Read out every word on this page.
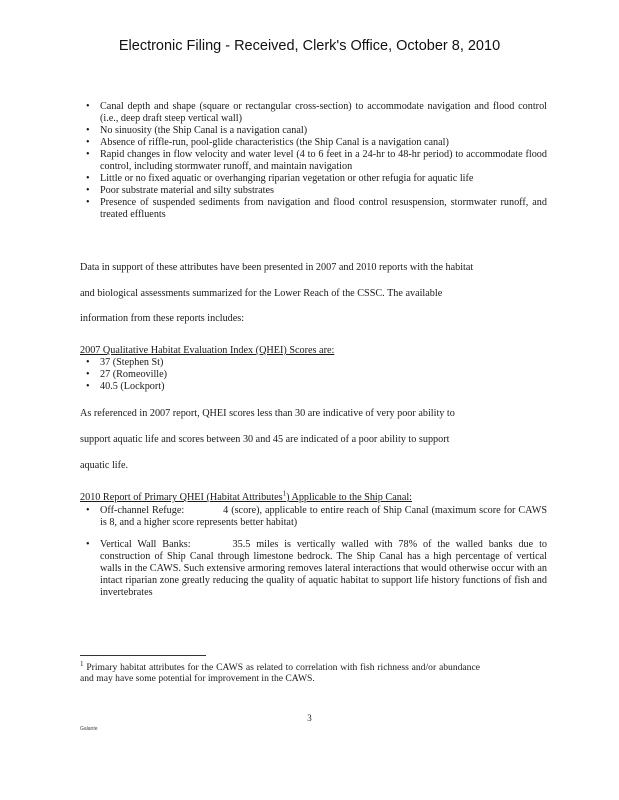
Electronic Filing - Received, Clerk's Office, October 8, 2010
• Canal depth and shape (square or rectangular cross-section) to accommodate navigation and flood control (i.e., deep draft steep vertical wall)
• No sinuosity (the Ship Canal is a navigation canal)
• Absence of riffle-run, pool-glide characteristics (the Ship Canal is a navigation canal)
• Rapid changes in flow velocity and water level (4 to 6 feet in a 24-hr to 48-hr period) to accommodate flood control, including stormwater runoff, and maintain navigation
• Little or no fixed aquatic or overhanging riparian vegetation or other refugia for aquatic life
• Poor substrate material and silty substrates
• Presence of suspended sediments from navigation and flood control resuspension, stormwater runoff, and treated effluents
Data in support of these attributes have been presented in 2007 and 2010 reports with the habitat
and biological assessments summarized for the Lower Reach of the CSSC. The available
information from these reports includes:
2007 Qualitative Habitat Evaluation Index (QHEI) Scores are:
• 37 (Stephen St)
• 27 (Romeoville)
• 40.5 (Lockport)
As referenced in 2007 report, QHEI scores less than 30 are indicative of very poor ability to
support aquatic life and scores between 30 and 45 are indicated of a poor ability to support
aquatic life.
2010 Report of Primary QHEI (Habitat Attributes$^1$) Applicable to the Ship Canal:
• Off-channel Refuge:	4 (score), applicable to entire reach of Ship Canal (maximum score for CAWS is 8, and a higher score represents better habitat)
• Vertical Wall Banks:	35.5 miles is vertically walled with 78% of the walled banks due to construction of Ship Canal through limestone bedrock. The Ship Canal has a high percentage of vertical walls in the CAWS. Such extensive armoring removes lateral interactions that would otherwise occur with an intact riparian zone greatly reducing the quality of aquatic habitat to support life history functions of fish and invertebrates
$^1$ Primary habitat attributes for the CAWS as related to correlation with fish richness and/or abundance and may have some potential for improvement in the CAWS.
3
Galante
